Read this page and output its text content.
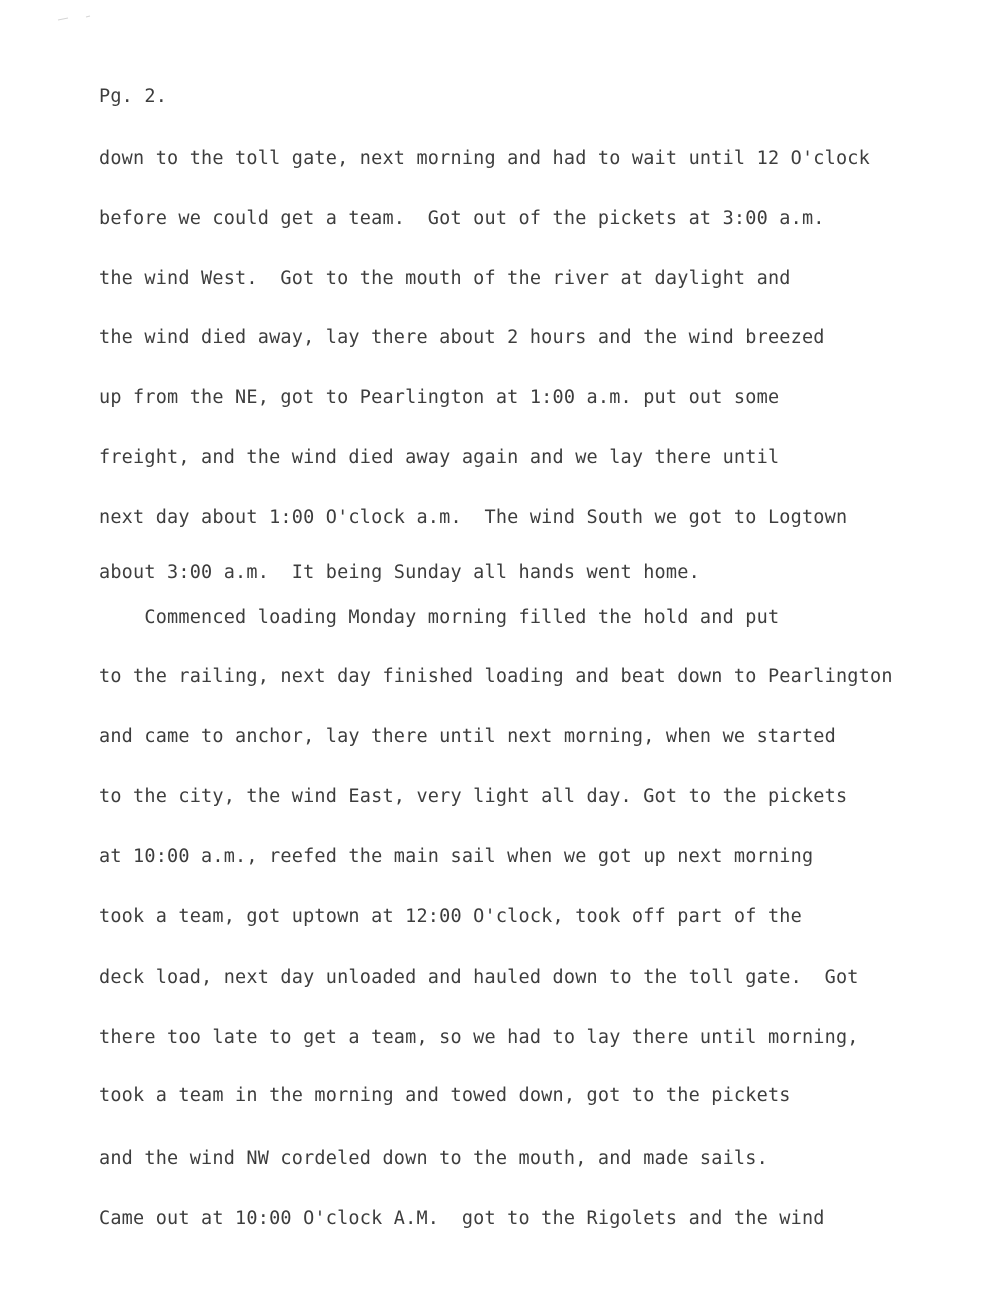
Pg. 2.

down to the toll gate, next morning and had to wait until 12 O'clock

before we could get a team.  Got out of the pickets at 3:00 a.m.

the wind West.  Got to the mouth of the river at daylight and

the wind died away, lay there about 2 hours and the wind breezed

up from the NE, got to Pearlington at 1:00 a.m. put out some

freight, and the wind died away again and we lay there until

next day about 1:00 O'clock a.m.  The wind South we got to Logtown

about 3:00 a.m.  It being Sunday all hands went home.

Commenced loading Monday morning filled the hold and put

to the railing, next day finished loading and beat down to Pearlington

and came to anchor, lay there until next morning, when we started

to the city, the wind East, very light all day. Got to the pickets

at 10:00 a.m., reefed the main sail when we got up next morning

took a team, got uptown at 12:00 O'clock, took off part of the

deck load, next day unloaded and hauled down to the toll gate.  Got

there too late to get a team, so we had to lay there until morning,

took a team in the morning and towed down, got to the pickets

and the wind NW cordeled down to the mouth, and made sails.

Came out at 10:00 O'clock A.M.  got to the Rigolets and the wind
